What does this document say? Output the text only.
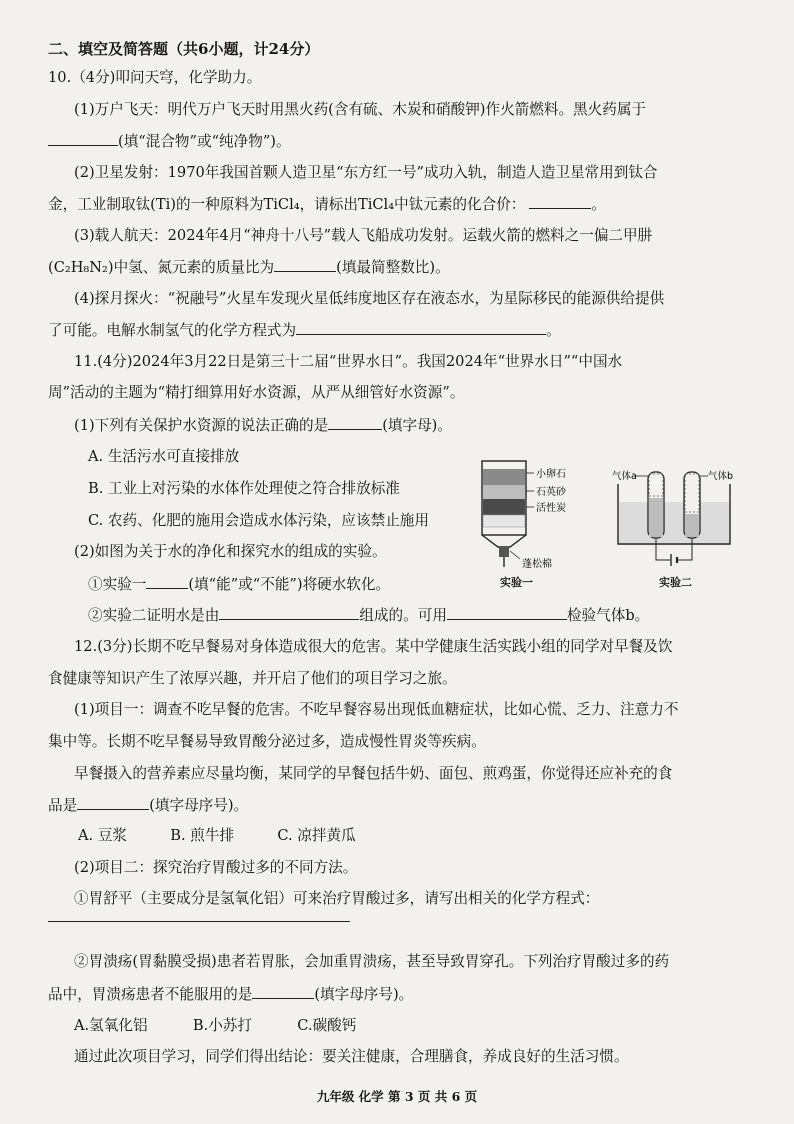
二、填空及简答题（共6小题，计24分）
10.（4分)叩问天穹，化学助力。
(1)万户飞天：明代万户飞天时用黑火药(含有硫、木炭和硝酸钾)作火箭燃料。黑火药属于
(填“混合物”或“纯净物”)。
(2)卫星发射：1970年我国首颗人造卫星“东方红一号”成功入轨，制造人造卫星常用到钛合
金，工业制取钛(Ti)的一种原料为TiCl₄，请标出TiCl₄中钛元素的化合价：	。
(3)载人航天：2024年4月“神舟十八号”载人飞船成功发射。运载火箭的燃料之一偏二甲肼
(C₂H₈N₂)中氢、氮元素的质量比为	(填最简整数比)。
(4)探月探火：“祝融号”火星车发现火星低纬度地区存在液态水，为星际移民的能源供给提供
了可能。电解水制氢气的化学方程式为	。
11.(4分)2024年3月22日是第三十二届“世界水日”。我国2024年“世界水日”“中国水
周”活动的主题为“精打细算用好水资源，从严从细管好水资源”。
(1)下列有关保护水资源的说法正确的是	(填字母)。
A. 生活污水可直接排放
B. 工业上对污染的水体作处理使之符合排放标准
C. 农药、化肥的施用会造成水体污染，应该禁止施用
(2)如图为关于水的净化和探究水的组成的实验。
①实验一	(填“能”或“不能”)将硬水软化。
②实验二证明水是由	组成的。可用	检验气体b。
小卵石
石英砂
活性炭
蓬松棉
实验一
气体a	气体b
实验二
12.(3分)长期不吃早餐易对身体造成很大的危害。某中学健康生活实践小组的同学对早餐及饮
食健康等知识产生了浓厚兴趣，并开启了他们的项目学习之旅。
(1)项目一：调查不吃早餐的危害。不吃早餐容易出现低血糖症状，比如心慌、乏力、注意力不
集中等。长期不吃早餐易导致胃酸分泌过多，造成慢性胃炎等疾病。
早餐摄入的营养素应尽量均衡，某同学的早餐包括牛奶、面包、煎鸡蛋，你觉得还应补充的食
品是	(填字母序号)。
A. 豆浆	B. 煎牛排	C. 凉拌黄瓜
(2)项目二：探究治疗胃酸过多的不同方法。
①胃舒平（主要成分是氢氧化铝）可来治疗胃酸过多，请写出相关的化学方程式：
②胃溃疡(胃黏膜受损)患者若胃胀，会加重胃溃疡，甚至导致胃穿孔。下列治疗胃酸过多的药
品中，胃溃疡患者不能服用的是	(填字母序号)。
A.氢氧化铝	B.小苏打	C.碳酸钙
通过此次项目学习，同学们得出结论：要关注健康，合理膳食，养成良好的生活习惯。
九年级 化学 第 3 页 共 6 页
